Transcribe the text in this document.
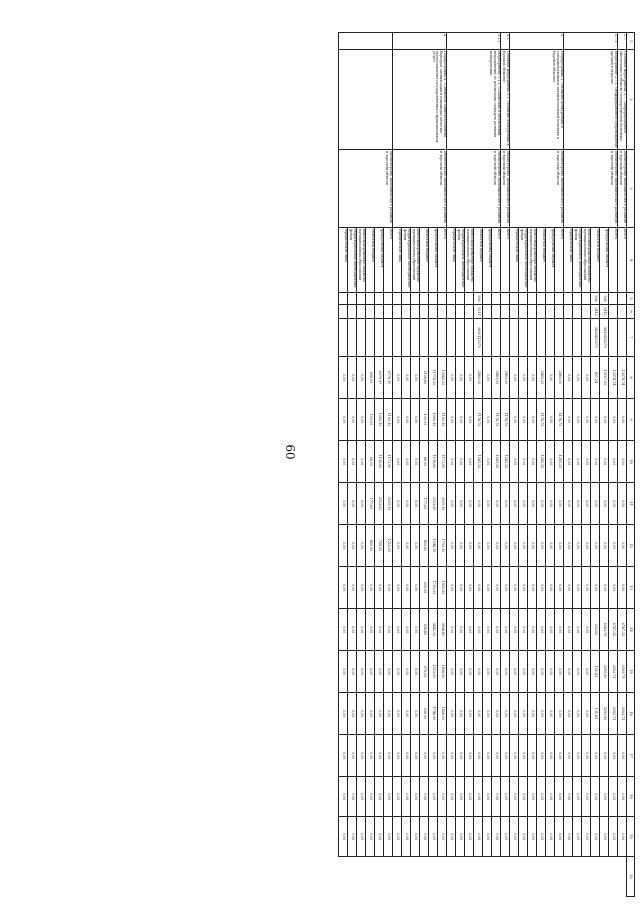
60
1	2	3	4	5	6	7	8	9	10	11	12	13	14	15	16	17	18	19	20
2.7.	Основное мероприятие 2.7. «Информационное обеспечение в области государственной политики»	Министерство экономического развития и торговли области	Всего				13574,74	0,00	0,00	0,00	0,00	0,00	6787,32	3393,71	3393,71	0,00	0,00	0,00	
2.7.1.	Мероприятие 2.7.1. «Информационное сопровождение органов в отрасли»	Министерство экономического развития и торговли области	Всего				13574,74	0,00	0,00	0,00	0,00	0,00	6787,32	3393,71	3393,71	0,00	0,00	0,00	
			федеральный бюджет	936	0412	0820852270	13167,50	0,00	0,00	0,00	0,00	0,00	6583,79	3291,90	3291,90	0,00	0,00	0,00	
			областной бюджет	936	0412	0820852270	407,24	0,00	0,00	0,00	0,00	0,00	203,62	101,81	101,81	0,00	0,00	0,00	
			консолидированные бюджеты муниципальных образований				0,00	0,00	0,00	0,00	0,00	0,00	0,00	0,00	0,00	0,00	0,00	0,00	
			территориальные внебюджетные фонды				0,00	0,00	0,00	0,00	0,00	0,00	0,00	0,00	0,00	0,00	0,00	0,00	
			юридические лица				0,00	0,00	0,00	0,00	0,00	0,00	0,00	0,00	0,00	0,00	0,00	0,00	
3.	Подпрограмма 3. «Развитие конкуренции и совершенствование антимонопольной политики в Курской области»	Министерство экономического развития и торговли области	Всего				2460,00	1178,75	1281,25	0,00	0,00	0,00	0,00	0,00	0,00	0,00	0,00	0,00	
			федеральный бюджет				0,00	0,00	0,00	0,00	0,00	0,00	0,00	0,00	0,00	0,00	0,00	0,00	
			областной бюджет				2460,00	1178,75	1281,25	0,00	0,00	0,00	0,00	0,00	0,00	0,00	0,00	0,00	
			консолидированные бюджеты муниципальных образований				0,00	0,00	0,00	0,00	0,00	0,00	0,00	0,00	0,00	0,00	0,00	0,00	
			территориальные внебюджетные фонды				0,00	0,00	0,00	0,00	0,00	0,00	0,00	0,00	0,00	0,00	0,00	0,00	
			юридические лица				0,00	0,00	0,00	0,00	0,00	0,00	0,00	0,00	0,00	0,00	0,00	0,00	
3.1.	Основное мероприятие 3.1. «Развитие конкуренции в Курской области»	Министерство экономического развития и торговли области	Всего				2460,00	1178,75	1281,25	0,00	0,00	0,00	0,00	0,00	0,00	0,00	0,00	0,00	
3.1.1.	Мероприятие 3.1.1. «Содействие в обеспечении мероприятий по реализации стандарта развития конкуренции»	Министерство экономического развития и торговли области	Всего				2460,00	1178,75	1281,25	0,00	0,00	0,00	0,00	0,00	0,00	0,00	0,00	0,00	
			федеральный бюджет				0,00	0,00	0,00	0,00	0,00	0,00	0,00	0,00	0,00	0,00	0,00	0,00	
			областной бюджет	936	0311	0830112270	2460,00	1178,75	1281,25	0,00	0,00	0,00	0,00	0,00	0,00	0,00	0,00	0,00	
			консолидированные бюджеты муниципальных образований				0,00	0,00	0,00	0,00	0,00	0,00	0,00	0,00	0,00	0,00	0,00	0,00	
			территориальные внебюджетные фонды				0,00	0,00	0,00	0,00	0,00	0,00	0,00	0,00	0,00	0,00	0,00	0,00	
			юридические лица				0,00	0,00	0,00	0,00	0,00	0,00	0,00	0,00	0,00	0,00	0,00	0,00	
4.	Подпрограмма 4. «Снижение административных барьеров, оптимизация и повышение качества предоставления государственных и муниципальных услуг»	Министерство экономического развития и торговли области	Всего				13982,20	1190,10	1172,90	3201,10	1702,10	1955,90	3698,80	1858,00	1858,00	0,00	0,00	0,00	
			федеральный бюджет				11776,30	1090,10	1106,90	3023,50	1248,10	1750,90	3442,00	1513,00	1748,90	0,00	0,00	0,00	
			областной бюджет				2126,80	100,00	66,00	177,60	453,90	205,00	256,80	275,00	206,00	0,00	0,00	0,00	
			консолидированные бюджеты муниципальных образований				0,00	0,00	0,00	0,00	0,00	0,00	0,00	0,00	0,00	0,00	0,00	0,00	
			территориальные внебюджетные фонды				0,00	0,00	0,00	0,00	0,00	0,00	0,00	0,00	0,00	0,00	0,00	0,00	
			юридические лица				0,00	0,00	0,00	0,00	0,00	0,00	0,00	0,00	0,00	0,00	0,00	0,00	
		Министерство экономического развития и торговли области	Всего				6776,10	1190,10	1172,90	3201,10	1212,00	0,00	0,00	0,00	0,00	0,00	0,00	0,00	
			федеральный бюджет				6079,97	1090,10	1106,90	3023,50	759,50	0,00	0,00	0,00	0,00	0,00	0,00	0,00	
			областной бюджет				696,13	100,00	66,00	177,60	452,50	0,00	0,00	0,00	0,00	0,00	0,00	0,00	
			консолидированные бюджеты муниципальных образований				0,00	0,00	0,00	0,00	0,00	0,00	0,00	0,00	0,00	0,00	0,00	0,00	
			территориальные внебюджетные фонды				0,00	0,00	0,00	0,00	0,00	0,00	0,00	0,00	0,00	0,00	0,00	0,00	
			юридические лица				0,00	0,00	0,00	0,00	0,00	0,00	0,00	0,00	0,00	0,00	0,00	0,00	
